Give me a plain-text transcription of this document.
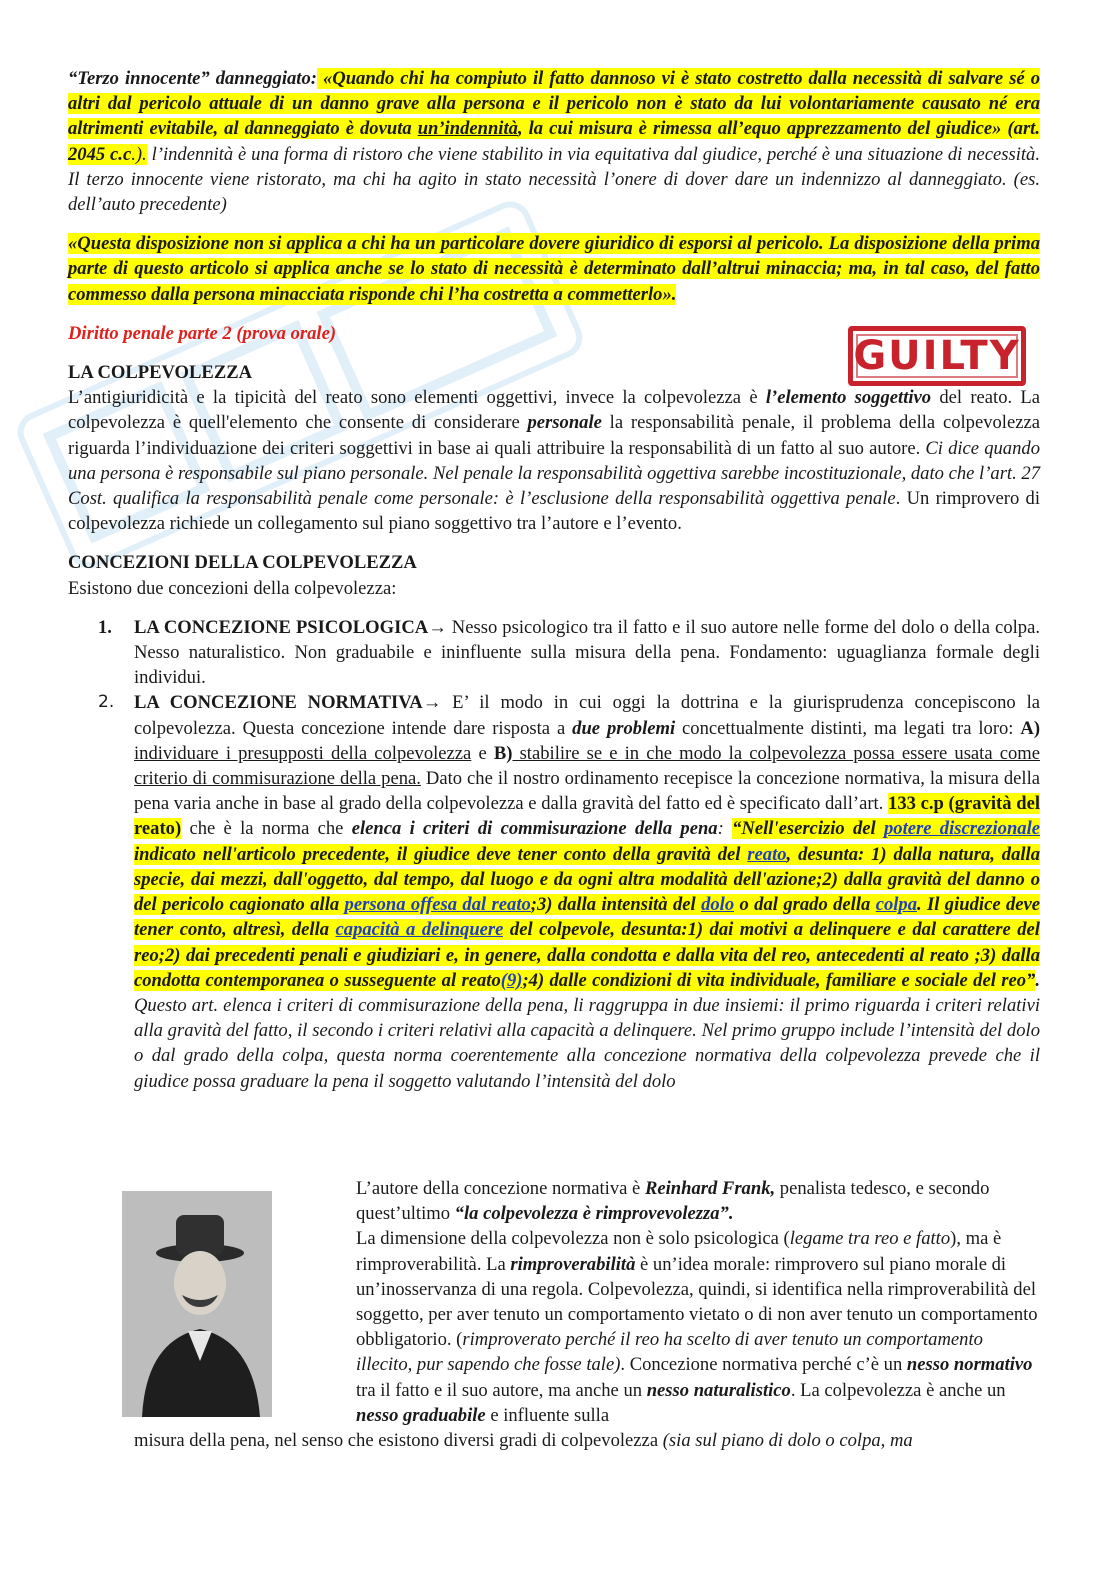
GUILTY

“Terzo innocente” danneggiato: «Quando chi ha compiuto il fatto dannoso vi è stato costretto dalla necessità di salvare sé o altri dal pericolo attuale di un danno grave alla persona e il pericolo non è stato da lui volontariamente causato né era altrimenti evitabile, al danneggiato è dovuta un’indennità, la cui misura è rimessa all’equo apprezzamento del giudice» (art. 2045 c.c.). l’indennità è una forma di ristoro che viene stabilito in via equitativa dal giudice, perché è una situazione di necessità. Il terzo innocente viene ristorato, ma chi ha agito in stato necessità l’onere di dover dare un indennizzo al danneggiato. (es. dell’auto precedente)

«Questa disposizione non si applica a chi ha un particolare dovere giuridico di esporsi al pericolo. La disposizione della prima parte di questo articolo si applica anche se lo stato di necessità è determinato dall’altrui minaccia; ma, in tal caso, del fatto commesso dalla persona minacciata risponde chi l’ha costretta a commetterlo».

Diritto penale parte 2 (prova orale)

LA COLPEVOLEZZA

L’antigiuridicità e la tipicità del reato sono elementi oggettivi, invece la colpevolezza è l’elemento soggettivo del reato. La colpevolezza è quell'elemento che consente di considerare personale la responsabilità penale, il problema della colpevolezza riguarda l’individuazione dei criteri soggettivi in base ai quali attribuire la responsabilità di un fatto al suo autore. Ci dice quando una persona è responsabile sul piano personale. Nel penale la responsabilità oggettiva sarebbe incostituzionale, dato che l’art. 27 Cost. qualifica la responsabilità penale come personale: è l’esclusione della responsabilità oggettiva penale. Un rimprovero di colpevolezza richiede un collegamento sul piano soggettivo tra l’autore e l’evento.

CONCEZIONI DELLA COLPEVOLEZZA

Esistono due concezioni della colpevolezza:

1. LA CONCEZIONE PSICOLOGICA→ Nesso psicologico tra il fatto e il suo autore nelle forme del dolo o della colpa. Nesso naturalistico. Non graduabile e ininfluente sulla misura della pena. Fondamento: uguaglianza formale degli individui.
2. LA CONCEZIONE NORMATIVA→ E’ il modo in cui oggi la dottrina e la giurisprudenza concepiscono la colpevolezza. Questa concezione intende dare risposta a due problemi concettualmente distinti, ma legati tra loro: A) individuare i presupposti della colpevolezza e B) stabilire se e in che modo la colpevolezza possa essere usata come criterio di commisurazione della pena. Dato che il nostro ordinamento recepisce la concezione normativa, la misura della pena varia anche in base al grado della colpevolezza e dalla gravità del fatto ed è specificato dall’art. 133 c.p (gravità del reato) che è la norma che elenca i criteri di commisurazione della pena: “Nell'esercizio del potere discrezionale indicato nell'articolo precedente, il giudice deve tener conto della gravità del reato, desunta: 1) dalla natura, dalla specie, dai mezzi, dall'oggetto, dal tempo, dal luogo e da ogni altra modalità dell'azione;2) dalla gravità del danno o del pericolo cagionato alla persona offesa dal reato;3) dalla intensità del dolo o dal grado della colpa. Il giudice deve tener conto, altresì, della capacità a delinquere del colpevole, desunta:1) dai motivi a delinquere e dal carattere del reo;2) dai precedenti penali e giudiziari e, in genere, dalla condotta e dalla vita del reo, antecedenti al reato ;3) dalla condotta contemporanea o susseguente al reato(9);4) dalle condizioni di vita individuale, familiare e sociale del reo”. Questo art. elenca i criteri di commisurazione della pena, li raggruppa in due insiemi: il primo riguarda i criteri relativi alla gravità del fatto, il secondo i criteri relativi alla capacità a delinquere. Nel primo gruppo include l’intensità del dolo o dal grado della colpa, questa norma coerentemente alla concezione normativa della colpevolezza prevede che il giudice possa graduare la pena il soggetto valutando l’intensità del dolo

L’autore della concezione normativa è Reinhard Frank, penalista tedesco, e secondo quest’ultimo “la colpevolezza è rimprovevolezza”.
La dimensione della colpevolezza non è solo psicologica (legame tra reo e fatto), ma è rimproverabilità. La rimproverabilità è un’idea morale: rimprovero sul piano morale di un’inosservanza di una regola. Colpevolezza, quindi, si identifica nella rimproverabilità del soggetto, per aver tenuto un comportamento vietato o di non aver tenuto un comportamento obbligatorio. (rimproverato perché il reo ha scelto di aver tenuto un comportamento illecito, pur sapendo che fosse tale). Concezione normativa perché c’è un nesso normativo tra il fatto e il suo autore, ma anche un nesso naturalistico. La colpevolezza è anche un nesso graduabile e influente sulla

misura della pena, nel senso che esistono diversi gradi di colpevolezza (sia sul piano di dolo o colpa, ma
